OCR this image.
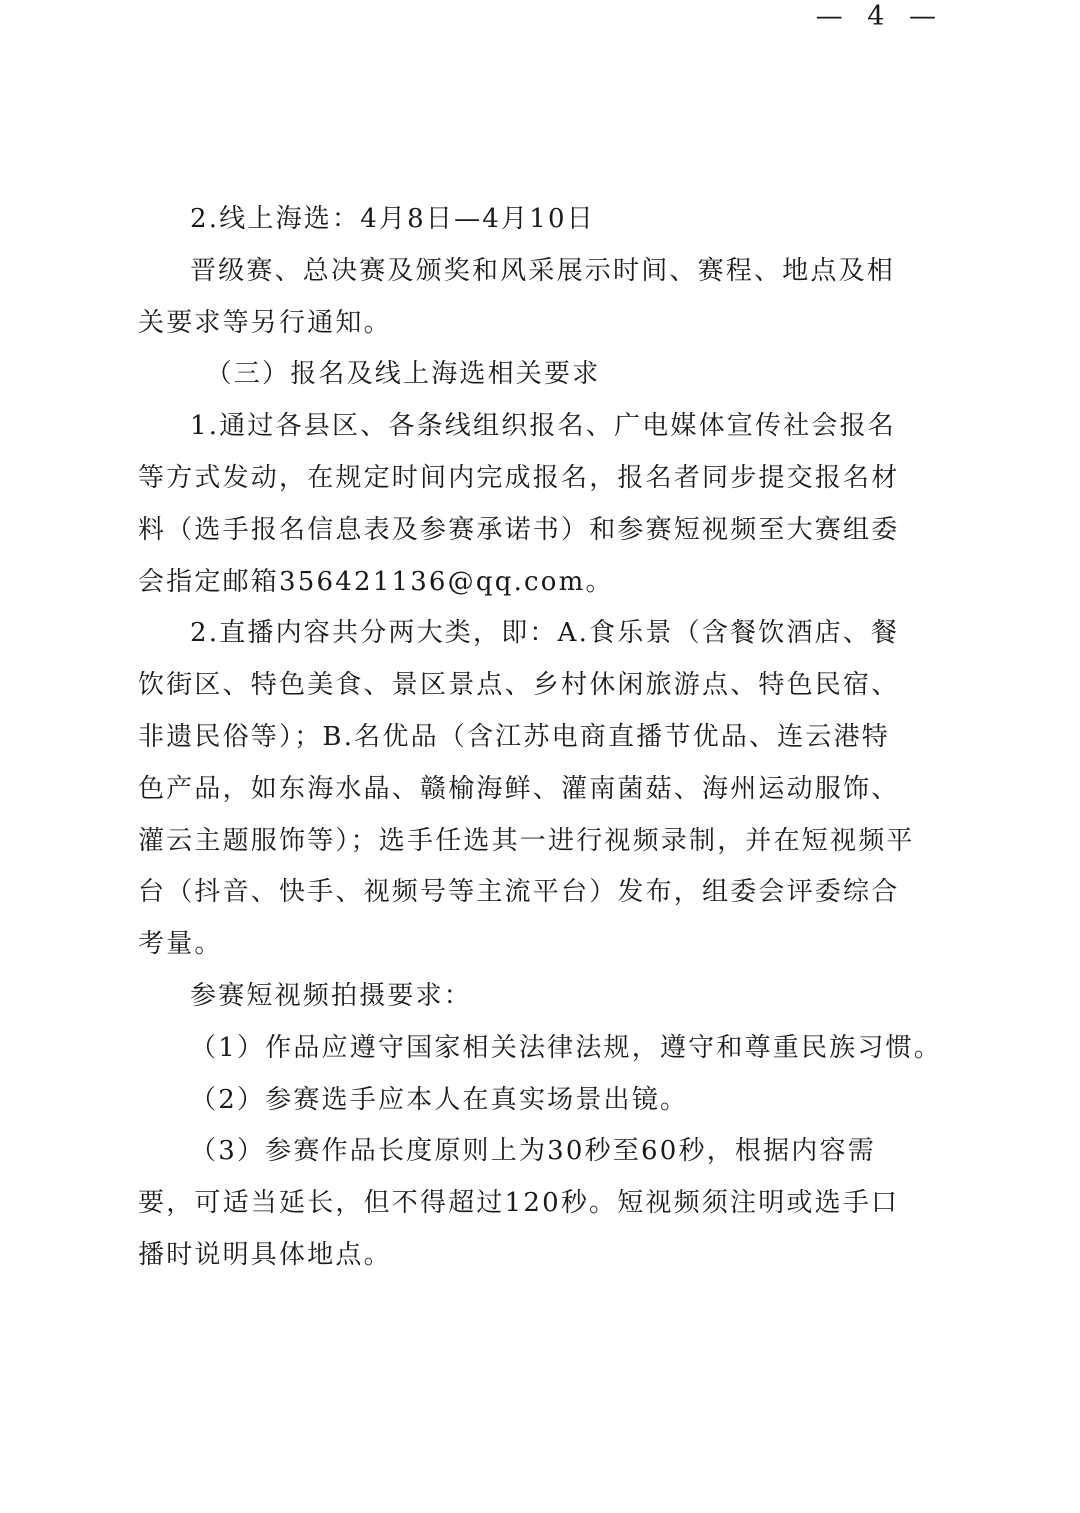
— 4 —

2.线上海选：4月8日—4月10日

晋级赛、总决赛及颁奖和风采展示时间、赛程、地点及相关要求等另行通知。

（三）报名及线上海选相关要求

1.通过各县区、各条线组织报名、广电媒体宣传社会报名等方式发动，在规定时间内完成报名，报名者同步提交报名材料（选手报名信息表及参赛承诺书）和参赛短视频至大赛组委会指定邮箱356421136@qq.com。

2.直播内容共分两大类，即：A.食乐景（含餐饮酒店、餐饮街区、特色美食、景区景点、乡村休闲旅游点、特色民宿、非遗民俗等）；B.名优品（含江苏电商直播节优品、连云港特色产品，如东海水晶、赣榆海鲜、灌南菌菇、海州运动服饰、灌云主题服饰等）；选手任选其一进行视频录制，并在短视频平台（抖音、快手、视频号等主流平台）发布，组委会评委综合考量。

参赛短视频拍摄要求：

（1）作品应遵守国家相关法律法规，遵守和尊重民族习惯。

（2）参赛选手应本人在真实场景出镜。

（3）参赛作品长度原则上为30秒至60秒，根据内容需要，可适当延长，但不得超过120秒。短视频须注明或选手口播时说明具体地点。
